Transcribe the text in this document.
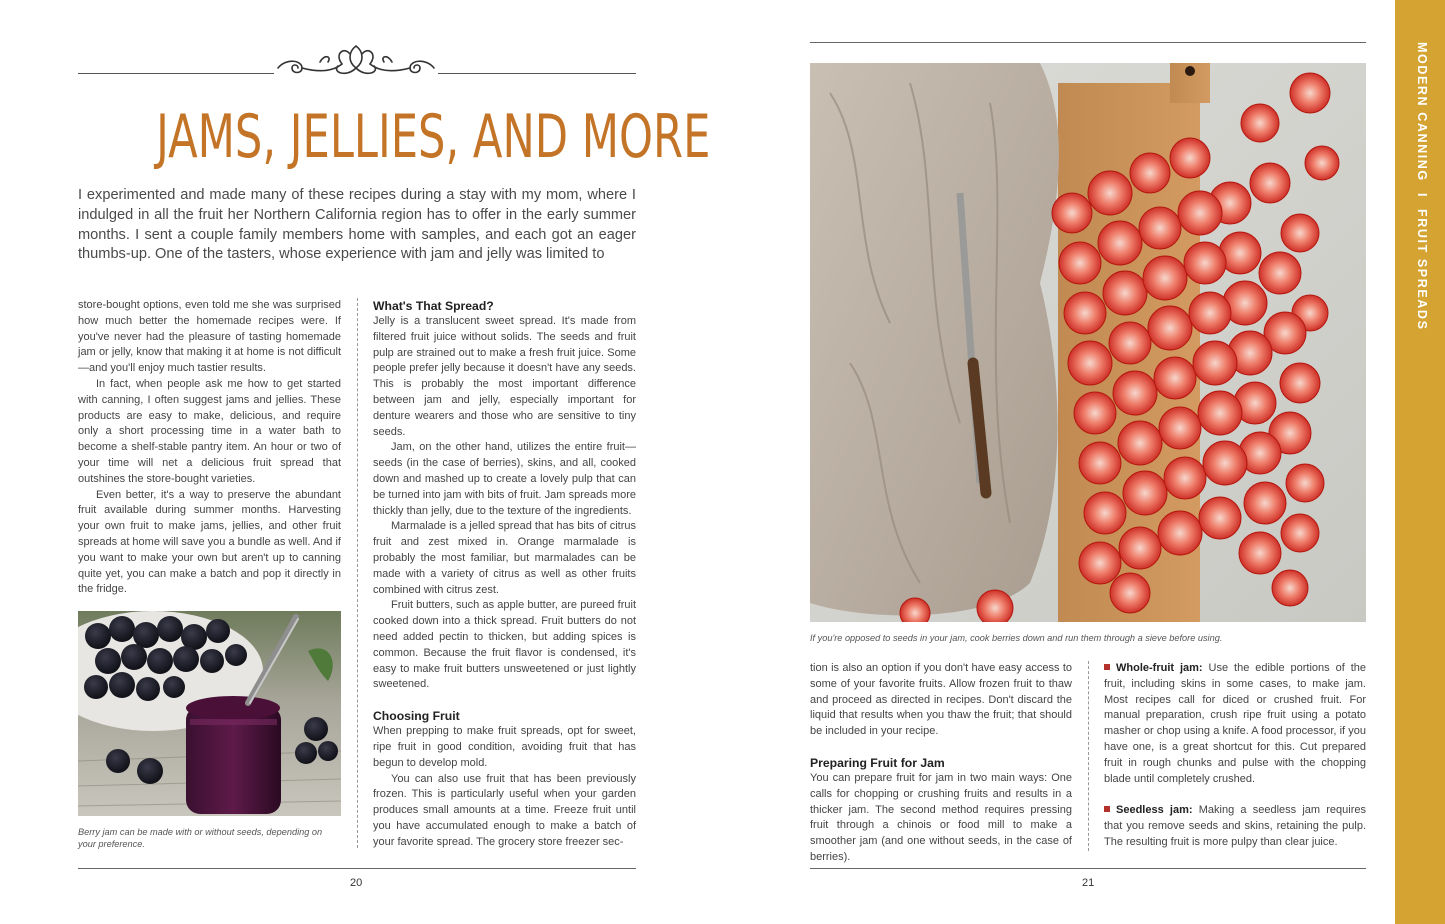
JAMS, JELLIES, AND MORE

I experimented and made many of these recipes during a stay with my mom, where I indulged in all the fruit her Northern California region has to offer in the early summer months. I sent a couple family members home with samples, and each got an eager thumbs-up. One of the tasters, whose experience with jam and jelly was limited to

store-bought options, even told me she was surprised how much better the homemade recipes were. If you've never had the pleasure of tasting homemade jam or jelly, know that making it at home is not difficult—and you'll enjoy much tastier results.

In fact, when people ask me how to get started with canning, I often suggest jams and jellies. These products are easy to make, delicious, and require only a short processing time in a water bath to become a shelf-stable pantry item. An hour or two of your time will net a delicious fruit spread that outshines the store-bought varieties.

Even better, it's a way to preserve the abundant fruit available during summer months. Harvesting your own fruit to make jams, jellies, and other fruit spreads at home will save you a bundle as well. And if you want to make your own but aren't up to canning quite yet, you can make a batch and pop it directly in the fridge.

Berry jam can be made with or without seeds, depending on your preference.
What's That Spread?

Jelly is a translucent sweet spread. It's made from filtered fruit juice without solids. The seeds and fruit pulp are strained out to make a fresh fruit juice. Some people prefer jelly because it doesn't have any seeds. This is probably the most important difference between jam and jelly, especially important for denture wearers and those who are sensitive to tiny seeds.

Jam, on the other hand, utilizes the entire fruit—seeds (in the case of berries), skins, and all, cooked down and mashed up to create a lovely pulp that can be turned into jam with bits of fruit. Jam spreads more thickly than jelly, due to the texture of the ingredients.

Marmalade is a jelled spread that has bits of citrus fruit and zest mixed in. Orange marmalade is probably the most familiar, but marmalades can be made with a variety of citrus as well as other fruits combined with citrus zest.

Fruit butters, such as apple butter, are pureed fruit cooked down into a thick spread. Fruit butters do not need added pectin to thicken, but adding spices is common. Because the fruit flavor is condensed, it's easy to make fruit butters unsweetened or just lightly sweetened.

Choosing Fruit

When prepping to make fruit spreads, opt for sweet, ripe fruit in good condition, avoiding fruit that has begun to develop mold.

You can also use fruit that has been previously frozen. This is particularly useful when your garden produces small amounts at a time. Freeze fruit until you have accumulated enough to make a batch of your favorite spread. The grocery store freezer sec-

20
If you're opposed to seeds in your jam, cook berries down and run them through a sieve before using.

tion is also an option if you don't have easy access to some of your favorite fruits. Allow frozen fruit to thaw and proceed as directed in recipes. Don't discard the liquid that results when you thaw the fruit; that should be included in your recipe.

Preparing Fruit for Jam

You can prepare fruit for jam in two main ways: One calls for chopping or crushing fruits and results in a thicker jam. The second method requires pressing fruit through a chinois or food mill to make a smoother jam (and one without seeds, in the case of berries).

Whole-fruit jam: Use the edible portions of the fruit, including skins in some cases, to make jam. Most recipes call for diced or crushed fruit. For manual preparation, crush ripe fruit using a potato masher or chop using a knife. A food processor, if you have one, is a great shortcut for this. Cut prepared fruit in rough chunks and pulse with the chopping blade until completely crushed.

Seedless jam: Making a seedless jam requires that you remove seeds and skins, retaining the pulp. The resulting fruit is more pulpy than clear juice.

21
MODERN CANNING I FRUIT SPREADS
